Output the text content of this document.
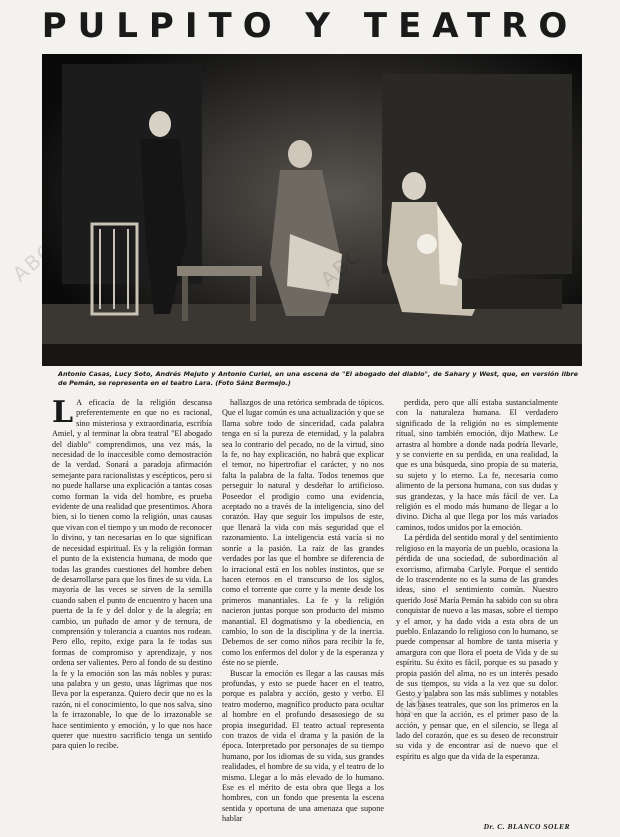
PULPITO Y TEATRO
Antonio Casas, Lucy Soto, Andrés Mejuto y Antonio Curiel, en una escena de "El abogado del diablo", de Sahary y West, que, en versión libre de Pemán, se representa en el teatro Lara. (Foto Sánz Bermejo.)
L A eficacia de la religión descansa preferentemente en que no es racional, sino misteriosa y extraordinaria, escribía Amiel, y al terminar la obra teatral "El abogado del diablo" comprendimos, una vez más, la necesidad de lo inaccesible como demostración de la verdad. Sonará a paradoja afirmación semejante para racionalistas y escépticos, pero si no puede hallarse una explicación a tantas cosas como forman la vida del hombre, es prueba evidente de una realidad que presentimos. Ahora bien, si lo tienen como la religión, unas causas que vivan con el tiempo y un modo de reconocer lo divino, y tan necesarias en lo que significan de necesidad espiritual. Es y la religión forman el punto de la existencia humana, de modo que todas las grandes cuestiones del hombre deben de desarrollarse para que los fines de su vida. La mayoría de las veces se sirven de la semilla cuando saben el punto de encuentro y hacen una puerta de la fe y del dolor y de la alegría; en cambio, un puñado de amor y de ternura, de comprensión y tolerancia a cuantos nos rodean. Pero ello, repito, exige para la fe todas sus formas de compromiso y aprendizaje, y nos ordena ser valientes. Pero al fondo de su destino la fe y la emoción son las más nobles y puras: una palabra y un gesto, unas lágrimas que nos lleva por la esperanza. Quiero decir que no es la razón, ni el conocimiento, lo que nos salva, sino la fe irrazonable, lo que de lo irrazonable se hace sentimiento y emoción, y lo que nos hace querer que nuestro sacrificio tenga un sentido para quien lo recibe.

hallazgos de una retórica sembrada de tópicos. Que el lugar común es una actualización y que se llama sobre todo de sinceridad, cada palabra tenga en sí la pureza de eternidad, y la palabra sea lo contrario del pecado, no de la virtud, sino la fe, no hay explicación, no habrá que explicar el temor, no hipertrofiar el carácter, y no nos falta la palabra de la falta. Todos tenemos que perseguir lo natural y desdeñar lo artificioso. Poseedor el prodigio como una evidencia, aceptado no a través de la inteligencia, sino del corazón. Hay que seguir los impulsos de este, que llenará la vida con más seguridad que el razonamiento. La inteligencia está vacía si no sonríe a la pasión. La raíz de las grandes verdades por las que el hombre se diferencia de lo irracional está en los nobles instintos, que se hacen eternos en el transcurso de los siglos, como el torrente que corre y la mente desde los primeros manantiales. La fe y la religión nacieron juntas porque son producto del mismo manantial. El dogmatismo y la obediencia, en cambio, lo son de la disciplina y de la inercia. Debemos de ser como niños para recibir la fe, como los enfermos del dolor y de la esperanza y éste no se pierde.

Buscar la emoción es llegar a las causas más profundas, y esto se puede hacer en el teatro, porque es palabra y acción, gesto y verbo. El teatro moderno, magnífico producto para ocultar al hombre en el profundo desasosiego de su propia inseguridad. El teatro actual representa con trazos de vida el drama y la pasión de la época. Interpretado por personajes de su tiempo humano, por los idiomas de su vida, sus grandes realidades, el hombre de su vida, y el teatro de lo mismo. Llegar a lo más elevado de lo humano. Ese es el mérito de esta obra que llega a los hombres, con un fondo que presenta la escena sentida y oportuna de una amenaza que supone hablar

perdida, pero que allí estaba sustancialmente con la naturaleza humana. El verdadero significado de la religión no es simplemente ritual, sino también emoción, dijo Mathew. Le arrastra al hombre a donde nada podría llevarle, y se convierte en su perdida, en una realidad, la que es una búsqueda, sino propia de su materia, su sujeto y lo eterno. La fe, necesaria como alimento de la persona humana, con sus dudas y sus grandezas, y la hace más fácil de ver. La religión es el modo más humano de llegar a lo divino. Dicha al que llega por los más variados caminos, todos unidos por la emoción.

La pérdida del sentido moral y del sentimiento religioso en la mayoría de un pueblo, ocasiona la pérdida de una sociedad, de subordinación al exorcismo, afirmaba Carlyle. Porque el sentido de lo trascendente no es la suma de las grandes ideas, sino el sentimiento común. Nuestro querido José María Pemán ha sabido con su obra conquistar de nuevo a las masas, sobre el tiempo y el amor, y ha dado vida a esta obra de un pueblo. Enlazando lo religioso con lo humano, se puede compensar al hombre de tanta miseria y amargura con que llora el poeta de Vida y de su espíritu. Su éxito es fácil, porque es su pasado y propia pasión del alma, no es un interés pesado de sus tiempos, su vida a la vez que su dolor. Gesto y palabra son las más sublimes y notables de las bases teatrales, que son los primeros en la hora en que la acción, es el primer paso de la acción, y pensar que, en el silencio, se llega al lado del corazón, que es su deseo de reconstruir su vida y de encontrar así de nuevo que el espíritu es algo que da vida de la esperanza.

Dr. C. BLANCO SOLER
ABC	ABC
ABC
